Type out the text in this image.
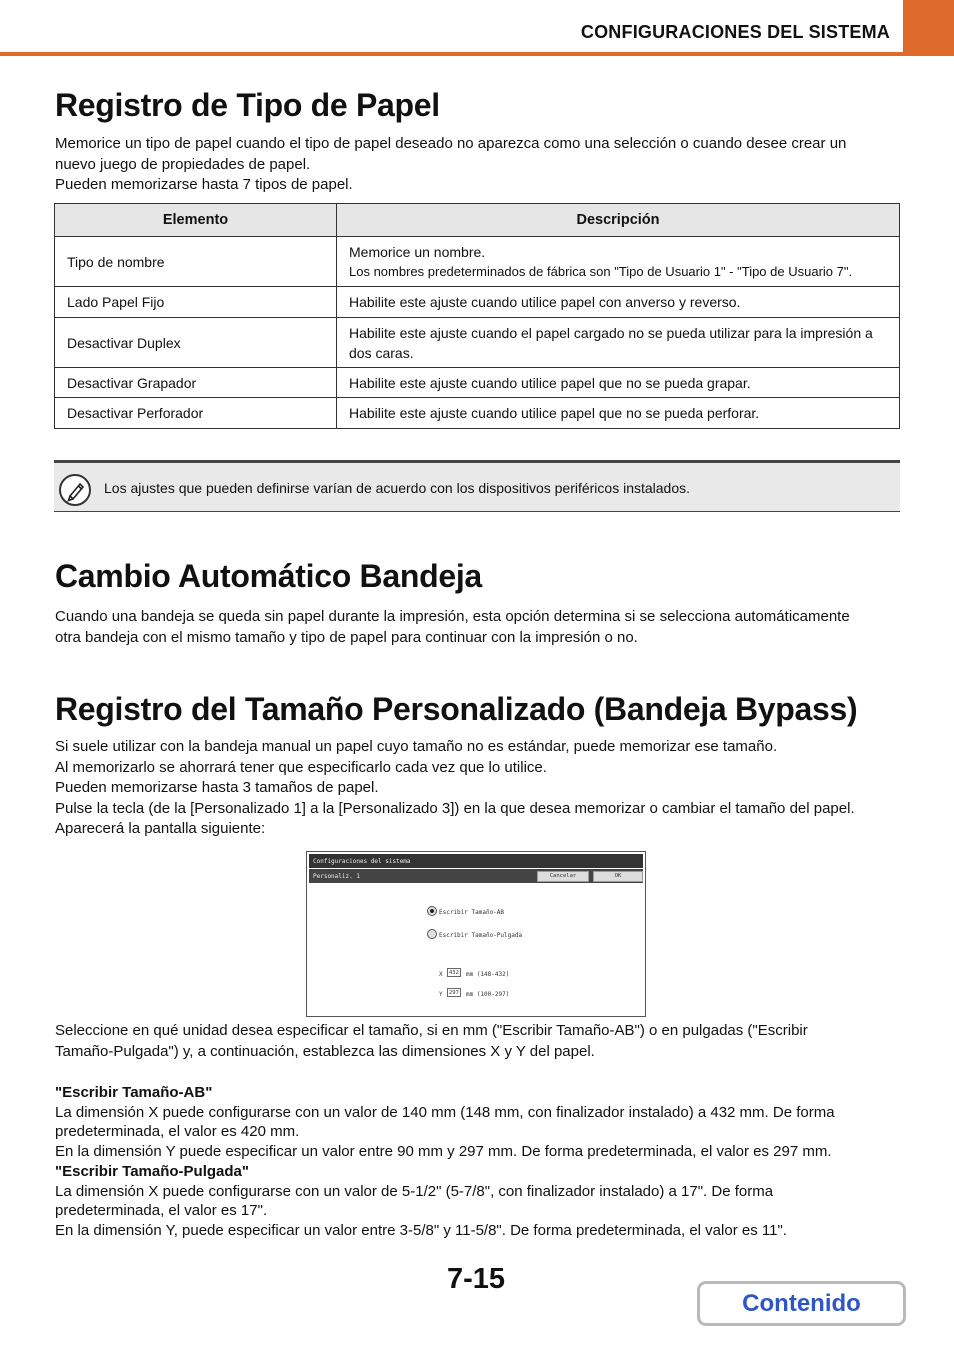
CONFIGURACIONES DEL SISTEMA
Registro de Tipo de Papel

Memorice un tipo de papel cuando el tipo de papel deseado no aparezca como una selección o cuando desee crear un

nuevo juego de propiedades de papel.

Pueden memorizarse hasta 7 tipos de papel.

Elemento	Descripción
Tipo de nombre	Memorice un nombre.
Los nombres predeterminados de fábrica son "Tipo de Usuario 1" - "Tipo de Usuario 7".

Lado Papel Fijo	Habilite este ajuste cuando utilice papel con anverso y reverso.
Desactivar Duplex	Habilite este ajuste cuando el papel cargado no se pueda utilizar para la impresión a
dos caras.

Desactivar Grapador	Habilite este ajuste cuando utilice papel que no se pueda grapar.
Desactivar Perforador	Habilite este ajuste cuando utilice papel que no se pueda perforar.
Los ajustes que pueden definirse varían de acuerdo con los dispositivos periféricos instalados.
Cambio Automático Bandeja

Cuando una bandeja se queda sin papel durante la impresión, esta opción determina si se selecciona automáticamente

otra bandeja con el mismo tamaño y tipo de papel para continuar con la impresión o no.

Registro del Tamaño Personalizado (Bandeja Bypass)

Si suele utilizar con la bandeja manual un papel cuyo tamaño no es estándar, puede memorizar ese tamaño.

Al memorizarlo se ahorrará tener que especificarlo cada vez que lo utilice.

Pueden memorizarse hasta 3 tamaños de papel.

Pulse la tecla (de la [Personalizado 1] a la [Personalizado 3]) en la que desea memorizar o cambiar el tamaño del papel.

Aparecerá la pantalla siguiente:

Configuraciones del sistema
Personaliz. 1	Cancelar	OK
Escribir Tamaño-AB
Escribir Tamaño-Pulgada
X	432	mm (148-432)
Y	297	mm (100-297)

Seleccione en qué unidad desea especificar el tamaño, si en mm ("Escribir Tamaño-AB") o en pulgadas ("Escribir

Tamaño-Pulgada") y, a continuación, establezca las dimensiones X y Y del papel.

"Escribir Tamaño-AB"

La dimensión X puede configurarse con un valor de 140 mm (148 mm, con finalizador instalado) a 432 mm. De forma

predeterminada, el valor es 420 mm.

En la dimensión Y puede especificar un valor entre 90 mm y 297 mm. De forma predeterminada, el valor es 297 mm.

"Escribir Tamaño-Pulgada"

La dimensión X puede configurarse con un valor de 5-1/2" (5-7/8", con finalizador instalado) a 17". De forma

predeterminada, el valor es 17".

En la dimensión Y, puede especificar un valor entre 3-5/8" y 11-5/8". De forma predeterminada, el valor es 11".

7-15
Contenido
